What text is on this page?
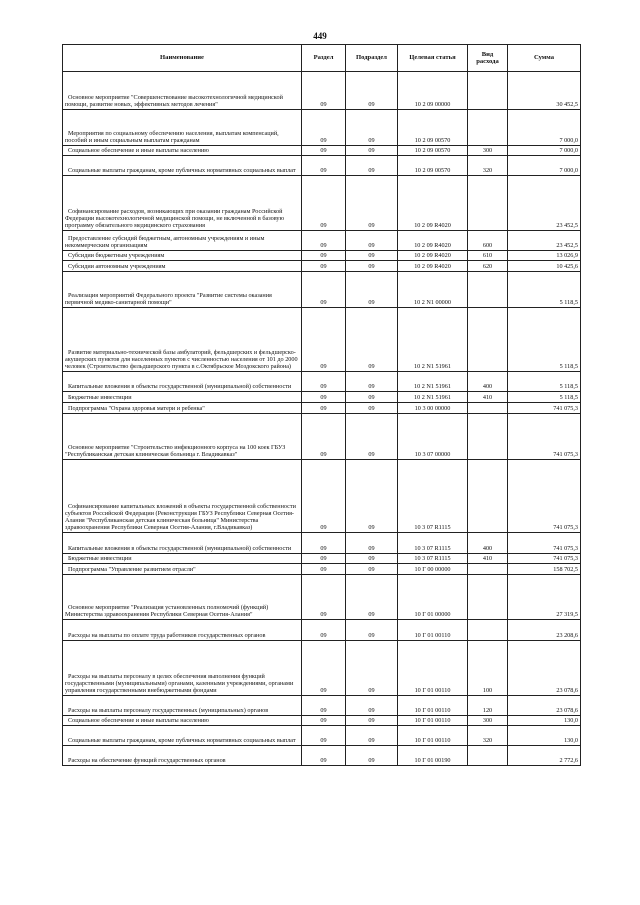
449
Наименование	Раздел	Подраздел	Целевая статья	Вид расхода	Сумма
Основное мероприятие "Совершенствование высокотехнологичной медицинской помощи, развитие новых, эффективных методов лечения"	09	09	10 2 09 00000		30 452,5
Мероприятия по социальному обеспечению населения, выплатам компенсаций, пособий и иным социальным выплатам гражданам	09	09	10 2 09 00570		7 000,0
Социальное обеспечение и иные выплаты населению	09	09	10 2 09 00570	300	7 000,0
Социальные выплаты гражданам, кроме публичных нормативных социальных выплат	09	09	10 2 09 00570	320	7 000,0
Софинансирование расходов, возникающих при оказании гражданам Российской Федерации высокотехнологичной медицинской помощи, не включенной в базовую программу обязательного медицинского страхования	09	09	10 2 09 R4020		23 452,5
Предоставление субсидий бюджетным, автономным учреждениям и иным некоммерческим организациям	09	09	10 2 09 R4020	600	23 452,5
Субсидии бюджетным учреждениям	09	09	10 2 09 R4020	610	13 026,9
Субсидии автономным учреждениям	09	09	10 2 09 R4020	620	10 425,6
Реализация мероприятий Федерального проекта "Развитие системы оказания первичной медико-санитарной помощи"	09	09	10 2 N1 00000		5 118,5
Развитие материально-технической базы амбулаторий, фельдшерских и фельдшерско-акушерских пунктов для населенных пунктов с численностью населения от 101 до 2000 человек (Строительство фельдшерского пункта в с.Октябрьское Моздокского района)	09	09	10 2 N1 51961		5 118,5
Капитальные вложения в объекты государственной (муниципальной) собственности	09	09	10 2 N1 51961	400	5 118,5
Бюджетные инвестиции	09	09	10 2 N1 51961	410	5 118,5
Подпрограмма "Охрана здоровья матери и ребенка"	09	09	10 3 00 00000		741 075,3
Основное мероприятие "Строительство инфекционного корпуса на 100 коек ГБУЗ "Республиканская детская клиническая больница г. Владикавказ"	09	09	10 3 07 00000		741 075,3
Софинансирование капитальных вложений в объекты государственной собственности субъектов Российской Федерации (Реконструкция ГБУЗ Республики Северная Осетия-Алания "Республиканская детская клиническая больница" Министерства здравоохранения Республики Северная Осетия-Алания, г.Владикавказ)	09	09	10 3 07 R1115		741 075,3
Капитальные вложения в объекты государственной (муниципальной) собственности	09	09	10 3 07 R1115	400	741 075,3
Бюджетные инвестиции	09	09	10 3 07 R1115	410	741 075,3
Подпрограмма "Управление развитием отрасли"	09	09	10 Г 00 00000		158 702,5
Основное мероприятие "Реализация установленных полномочий (функций) Министерства здравоохранения Республики Северная Осетия-Алания"	09	09	10 Г 01 00000		27 319,5
Расходы на выплаты по оплате труда работников государственных органов	09	09	10 Г 01 00110		23 208,6
Расходы на выплаты персоналу в целях обеспечения выполнения функций государственными (муниципальными) органами, казенными учреждениями, органами управления государственными внебюджетными фондами	09	09	10 Г 01 00110	100	23 078,6
Расходы на выплаты персоналу государственных (муниципальных) органов	09	09	10 Г 01 00110	120	23 078,6
Социальное обеспечение и иные выплаты населению	09	09	10 Г 01 00110	300	130,0
Социальные выплаты гражданам, кроме публичных нормативных социальных выплат	09	09	10 Г 01 00110	320	130,0
Расходы на обеспечение функций государственных органов	09	09	10 Г 01 00190		2 772,6
